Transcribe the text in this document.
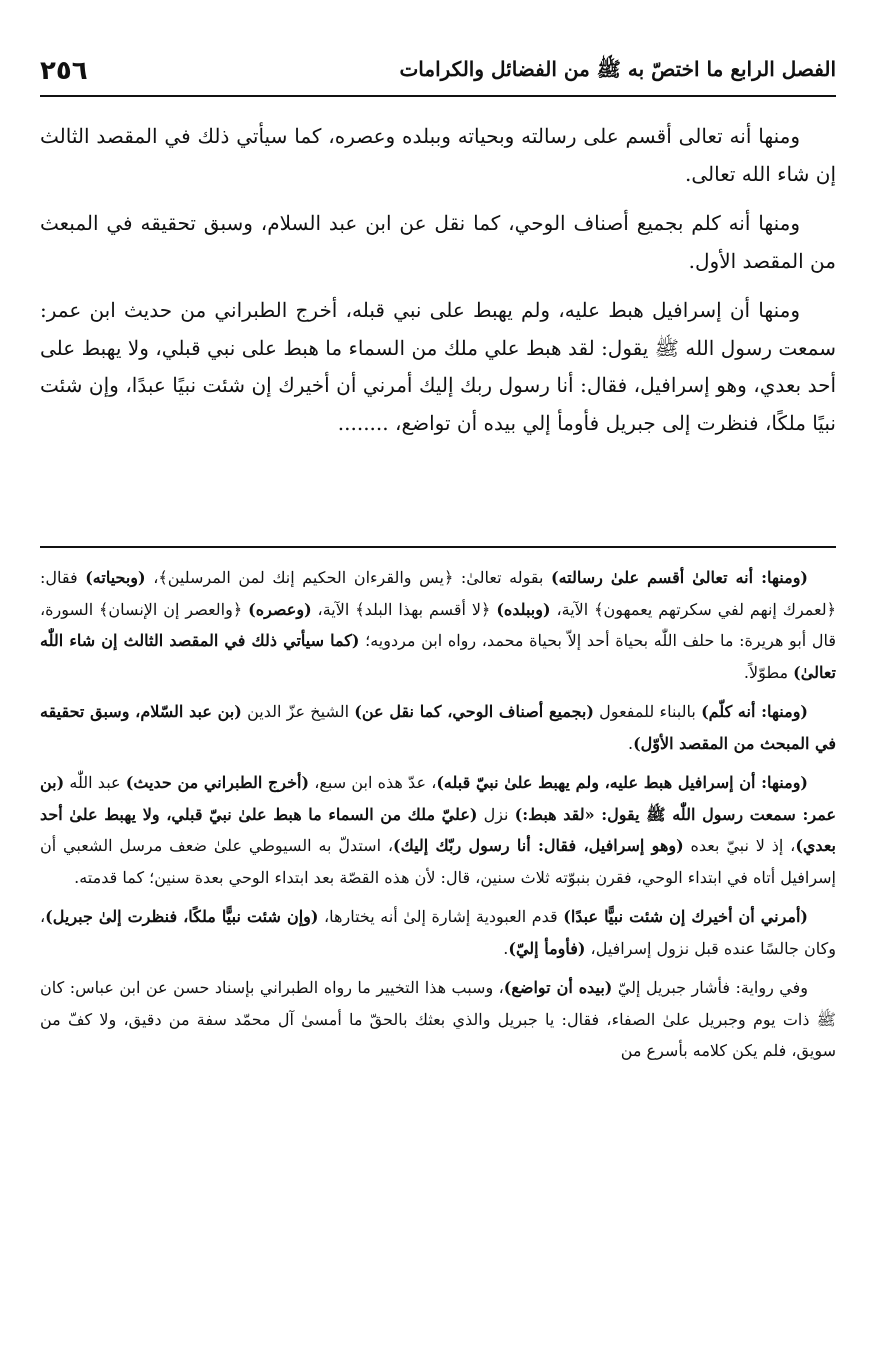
الفصل الرابع ما اختصّ به ﷺ من الفضائل والكرامات
٢٥٦

ومنها أنه تعالى أقسم على رسالته وبحياته وببلده وعصره، كما سيأتي ذلك في المقصد الثالث إن شاء الله تعالى.

ومنها أنه كلم بجميع أصناف الوحي، كما نقل عن ابن عبد السلام، وسبق تحقيقه في المبعث من المقصد الأول.

ومنها أن إسرافيل هبط عليه، ولم يهبط على نبي قبله، أخرج الطبراني من حديث ابن عمر: سمعت رسول الله ﷺ يقول: لقد هبط علي ملك من السماء ما هبط على نبي قبلي، ولا يهبط على أحد بعدي، وهو إسرافيل، فقال: أنا رسول ربك إليك أمرني أن أخيرك إن شئت نبيًا عبدًا، وإن شئت نبيًا ملكًا، فنظرت إلى جبريل فأومأ إلي بيده أن تواضع، ........

(ومنها: أنه تعالىٰ أقسم علىٰ رسالته) بقوله تعالىٰ: ﴿يس والقرءان الحكيم إنك لمن المرسلين﴾، (وبحياته) فقال: ﴿لعمرك إنهم لفي سكرتهم يعمهون﴾ الآية، (وببلده) ﴿لا أقسم بهذا البلد﴾ الآية، (وعصره) ﴿والعصر إن الإنسان﴾ السورة، قال أبو هريرة: ما حلف اللّٰه بحياة أحد إلاّ بحياة محمد، رواه ابن مردويه؛ (كما سيأتي ذلك في المقصد الثالث إن شاء اللّٰه تعالىٰ) مطوّلاً.

(ومنها: أنه كلّم) بالبناء للمفعول (بجميع أصناف الوحي، كما نقل عن) الشيخ عزّ الدين (بن عبد السّلام، وسبق تحقيقه في المبحث من المقصد الأوّل).

(ومنها: أن إسرافيل هبط عليه، ولم يهبط علىٰ نبيّ قبله)، عدّ هذه ابن سبع، (أخرج الطبراني من حديث) عبد اللّٰه (بن عمر: سمعت رسول اللّٰه ﷺ يقول: «لقد هبط:) نزل (عليّ ملك من السماء ما هبط علىٰ نبيّ قبلي، ولا يهبط علىٰ أحد بعدي)، إذ لا نبيّ بعده (وهو إسرافيل، فقال: أنا رسول ربّك إليك)، استدلّ به السيوطي علىٰ ضعف مرسل الشعبي أن إسرافيل أتاه في ابتداء الوحي، فقرن بنبوّته ثلاث سنين، قال: لأن هذه القصّة بعد ابتداء الوحي بعدة سنين؛ كما قدمته.

(أمرني أن أخيرك إن شئت نبيًّا عبدًا) قدم العبودية إشارة إلىٰ أنه يختارها، (وإن شئت نبيًّا ملكًا، فنظرت إلىٰ جبريل)، وكان جالسًا عنده قبل نزول إسرافيل، (فأومأ إليّ).

وفي رواية: فأشار جبريل إليّ (بيده أن تواضع)، وسبب هذا التخيير ما رواه الطبراني بإسناد حسن عن ابن عباس: كان ﷺ ذات يوم وجبريل علىٰ الصفاء، فقال: يا جبريل والذي بعثك بالحقّ ما أمسىٰ آل محمّد سفة من دقيق، ولا كفّ من سويق، فلم يكن كلامه بأسرع من
